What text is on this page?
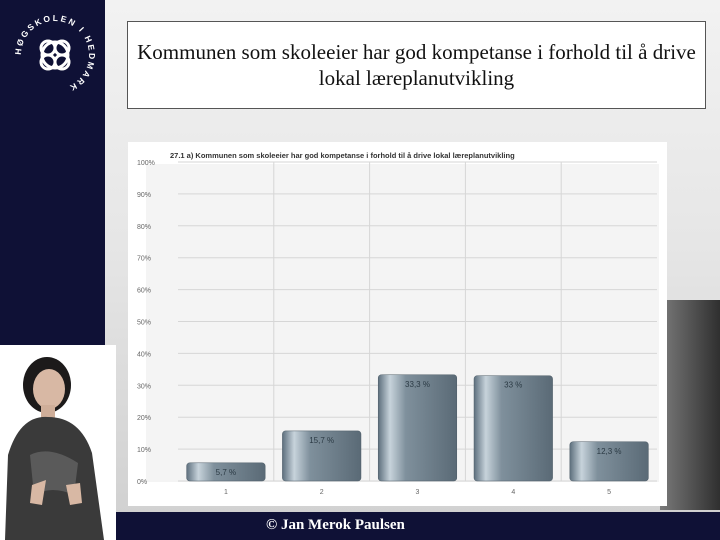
HØGSKOLEN I HEDMARK
Kommunen som skoleeier har god kompetanse i forhold til å drive lokal læreplanutvikling
27.1 a) Kommunen som skoleeier har god kompetanse i forhold til å drive lokal læreplanutvikling
0%
10%
20%
30%
40%
50%
60%
70%
80%
90%
100%
5,7 %
1
15,7 %
2
33,3 %
3
33 %
4
12,3 %
5
© Jan Merok Paulsen
